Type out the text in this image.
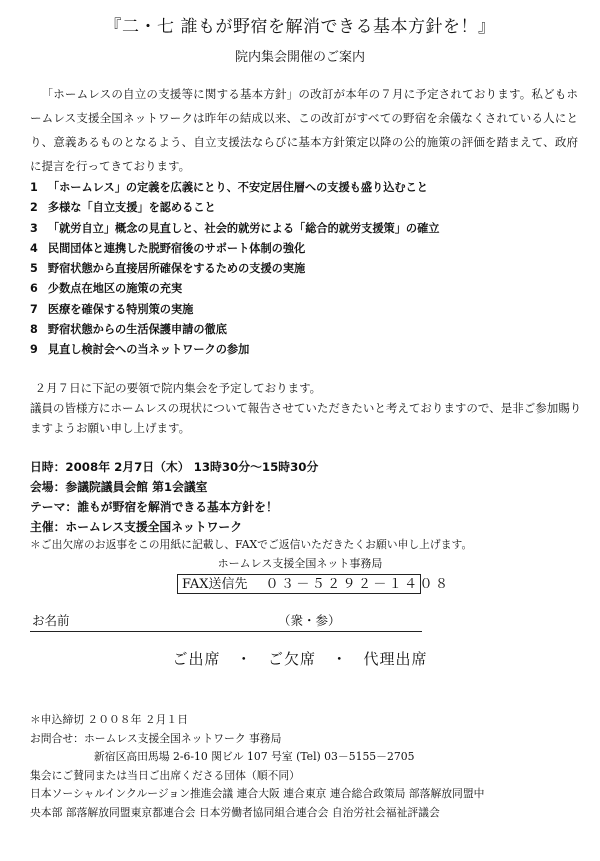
『二・七 誰もが野宿を解消できる基本方針を！』
院内集会開催のご案内

「ホームレスの自立の支援等に関する基本方針」の改訂が本年の７月に予定されております。私どもホームレス支援全国ネットワークは昨年の結成以来、この改訂がすべての野宿を余儀なくされている人にとり、意義あるものとなるよう、自立支援法ならびに基本方針策定以降の公的施策の評価を踏まえて、政府に提言を行ってきております。

1 「ホームレス」の定義を広義にとり、不安定居住層への支援も盛り込むこと
2 多様な「自立支援」を認めること
3 「就労自立」概念の見直しと、社会的就労による「総合的就労支援策」の確立
4 民間団体と連携した脱野宿後のサポート体制の強化
5 野宿状態から直接居所確保をするための支援の実施
6 少数点在地区の施策の充実
7 医療を確保する特別策の実施
8 野宿状態からの生活保護申請の徹底
9 見直し検討会への当ネットワークの参加

２月７日に下記の要領で院内集会を予定しております。

議員の皆様方にホームレスの現状について報告させていただきたいと考えておりますので、是非ご参加賜りますようお願い申し上げます。

日時：2008年 2月7日（木） 13時30分～15時30分
会場：参議院議員会館 第1会議室
テーマ：誰もが野宿を解消できる基本方針を！
主催：ホームレス支援全国ネットワーク
＊ご出欠席のお返事をこの用紙に記載し、FAXでご返信いただきたくお願い申し上げます。
ホームレス支援全国ネット事務局
FAX送信先 ０３－５２９２－１４０８
お名前	（衆・参）
ご出席 ・ ご欠席 ・ 代理出席
＊申込締切 ２００８年 ２月１日
お問合せ：ホームレス支援全国ネットワーク 事務局
新宿区高田馬場 2-6-10 関ビル 107 号室 (Tel) 03－5155－2705
集会にご賛同または当日ご出席くださる団体（順不同）
日本ソーシャルインクルージョン推進会議 連合大阪 連合東京 連合総合政策局 部落解放同盟中
央本部 部落解放同盟東京都連合会 日本労働者協同組合連合会 自治労社会福祉評議会
